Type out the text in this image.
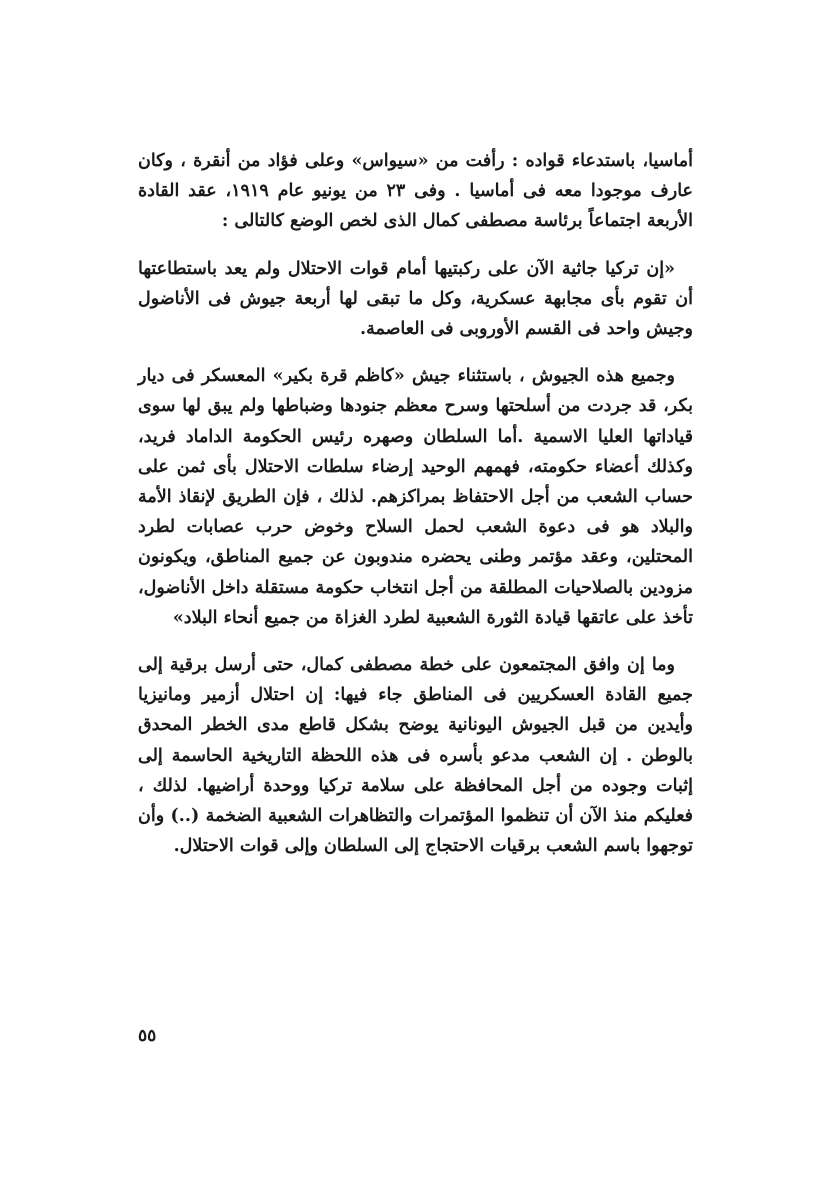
أماسيا، باستدعاء قواده : رأفت من «سيواس» وعلى فؤاد من أنقرة ، وكان عارف موجودا معه فى أماسيا . وفى ٢٣ من يونيو عام ١٩١٩، عقد القادة الأربعة اجتماعاً برئاسة مصطفى كمال الذى لخص الوضع كالتالى :

«إن تركيا جاثية الآن على ركبتيها أمام قوات الاحتلال ولم يعد باستطاعتها أن تقوم بأى مجابهة عسكرية، وكل ما تبقى لها أربعة جيوش فى الأناضول وجيش واحد فى القسم الأوروبى فى العاصمة.

وجميع هذه الجيوش ، باستثناء جيش «كاظم قرة بكير» المعسكر فى ديار بكر، قد جردت من أسلحتها وسرح معظم جنودها وضباطها ولم يبق لها سوى قياداتها العليا الاسمية .أما السلطان وصهره رئيس الحكومة الداماد فريد، وكذلك أعضاء حكومته، فهمهم الوحيد إرضاء سلطات الاحتلال بأى ثمن على حساب الشعب من أجل الاحتفاظ بمراكزهم. لذلك ، فإن الطريق لإنقاذ الأمة والبلاد هو فى دعوة الشعب لحمل السلاح وخوض حرب عصابات لطرد المحتلين، وعقد مؤتمر وطنى يحضره مندوبون عن جميع المناطق، ويكونون مزودين بالصلاحيات المطلقة من أجل انتخاب حكومة مستقلة داخل الأناضول، تأخذ على عاتقها قيادة الثورة الشعبية لطرد الغزاة من جميع أنحاء البلاد»

وما إن وافق المجتمعون على خطة مصطفى كمال، حتى أرسل برقية إلى جميع القادة العسكريين فى المناطق جاء فيها: إن احتلال أزمير ومانيزيا وأيدين من قبل الجيوش اليونانية يوضح بشكل قاطع مدى الخطر المحدق بالوطن . إن الشعب مدعو بأسره فى هذه اللحظة التاريخية الحاسمة إلى إثبات وجوده من أجل المحافظة على سلامة تركيا ووحدة أراضيها. لذلك ، فعليكم منذ الآن أن تنظموا المؤتمرات والتظاهرات الشعبية الضخمة (..) وأن توجهوا باسم الشعب برقيات الاحتجاج إلى السلطان وإلى قوات الاحتلال.

٥٥
